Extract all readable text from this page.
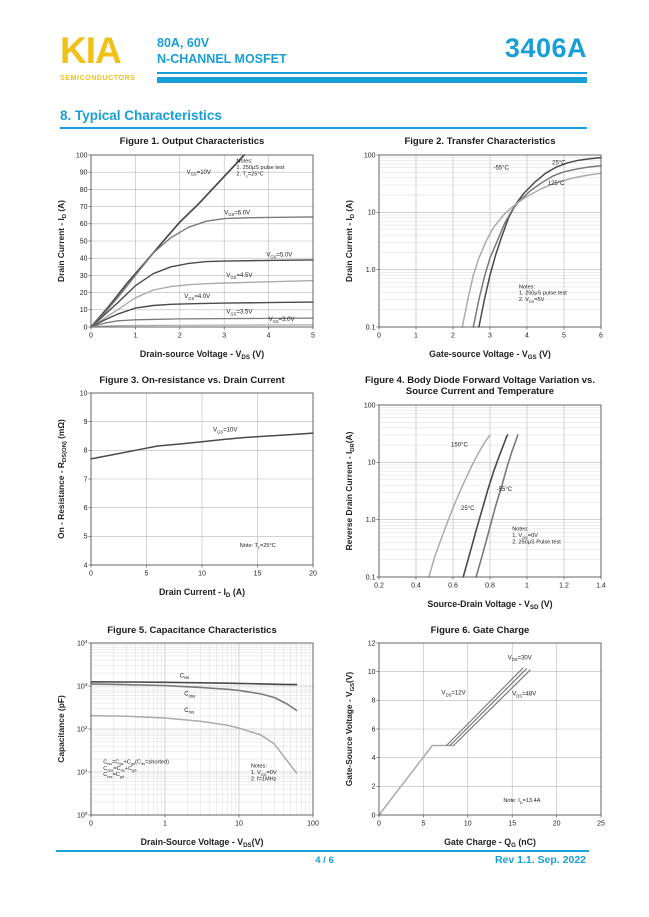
KIA
SEMICONDUCTORS
80A, 60V
N-CHANNEL MOSFET	3406A
8. Typical Characteristics
Figure 1. Output Characteristics
0	1	2	3	4	5
0
10
20
30
40
50
60
70
80
90
100
Drain-source Voltage - $V_{DS}$ (V)
Drain Current - $I_D$ (A)
$V_{GS}=10V$
$V_{GS}=6.0V$
$V_{GS}=5.0V$
$V_{GS}=4.5V$
$V_{GS}=4.0V$
$V_{GS}=3.5V$
$V_{GS}=3.0V$
Notes:
1. 250μS pulse test
2. $T_c=25^\circ C$
Figure 2. Transfer Characteristics
0	1	2	3	4	5	6
0.1
1.0
10
100
Gate-source Voltage - $V_{GS}$ (V)
Drain Current - $I_D$ (A)
-55°C
25°C
125°C
Notes:
1. 250μS pulse test
2. $V_{DS}=5V$
Figure 3. On-resistance vs. Drain Current
0	5	10	15	20
4
5
6
7
8
9
10
Drain Current - $I_D$ (A)
On - Resistance - $R_{DS(ON)}$ (mΩ)	$V_{GS}=10V$
Note: $T_c=25^\circ C$
Figure 4. Body Diode Forward Voltage Variation vs. Source Current and Temperature
0.2	0.4	0.6	0.8	1	1.2	1.4
0.1
1.0
10
100
Source-Drain Voltage - $V_{SD}$ (V)
Reverse Drain Current - $I_{DR}(A)$
150°C
25°C
-55°C
Notes:
1. $V_{GS}=0V$
2. 250μS Pulse test
Figure 5. Capacitance Characteristics
0	1	10	100
$10^0$
$10^1$
$10^2$
$10^3$
$10^4$
Drain-Source Voltage - $V_{DS}(V)$
Capacitance (pF)
$C_{iss}$
$C_{oss}$
$C_{rss}$
$C_{iss}=C_{gs}+C_{gd}(C_{ds}=shorted)$
$C_{oss}=C_{ds}+C_{gd}$
$C_{rss}=C_{gd}$
Notes:
1. $V_{GS}=0V$
2. f=1MHz
Figure 6. Gate Charge
0	5	10	15	20	25
0
2
4
6
8
10
12
Gate Charge - $Q_G$ (nC)
Gate-Source Voltage - $V_{GS}(V)$
$V_{DS}=12V$
$V_{DS}=30V$
$V_{DS}=48V$
Note: $I_D=13.4A$
4 / 6	Rev 1.1. Sep. 2022
